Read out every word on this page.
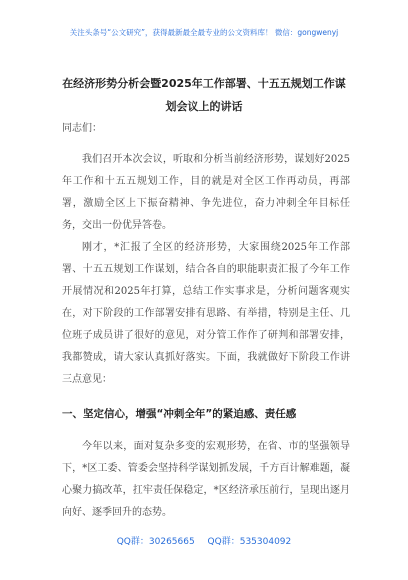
关注头条号“公文研究”，获得最新最全最专业的公文资料库！ 微信：gongwenyj
在经济形势分析会暨2025年工作部署、十五五规划工作谋划会议上的讲话
同志们：
我们召开本次会议，听取和分析当前经济形势，谋划好2025年工作和十五五规划工作，目的就是对全区工作再动员，再部署，激励全区上下振奋精神、争先进位，奋力冲刺全年目标任务，交出一份优异答卷。
刚才，*汇报了全区的经济形势，大家围绕2025年工作部署、十五五规划工作谋划，结合各自的职能职责汇报了今年工作开展情况和2025年打算，总结工作实事求是，分析问题客观实在，对下阶段的工作部署安排有思路、有举措，特别是主任、几位班子成员讲了很好的意见，对分管工作作了研判和部署安排，我都赞成，请大家认真抓好落实。下面，我就做好下阶段工作讲三点意见：
一、坚定信心，增强“冲刺全年”的紧迫感、责任感
今年以来，面对复杂多变的宏观形势，在省、市的坚强领导下，*区工委、管委会坚持科学谋划抓发展，千方百计解难题，凝心聚力搞改革，扛牢责任保稳定，*区经济承压前行，呈现出逐月向好、逐季回升的态势。
QQ群：30265665 QQ群：535304092
